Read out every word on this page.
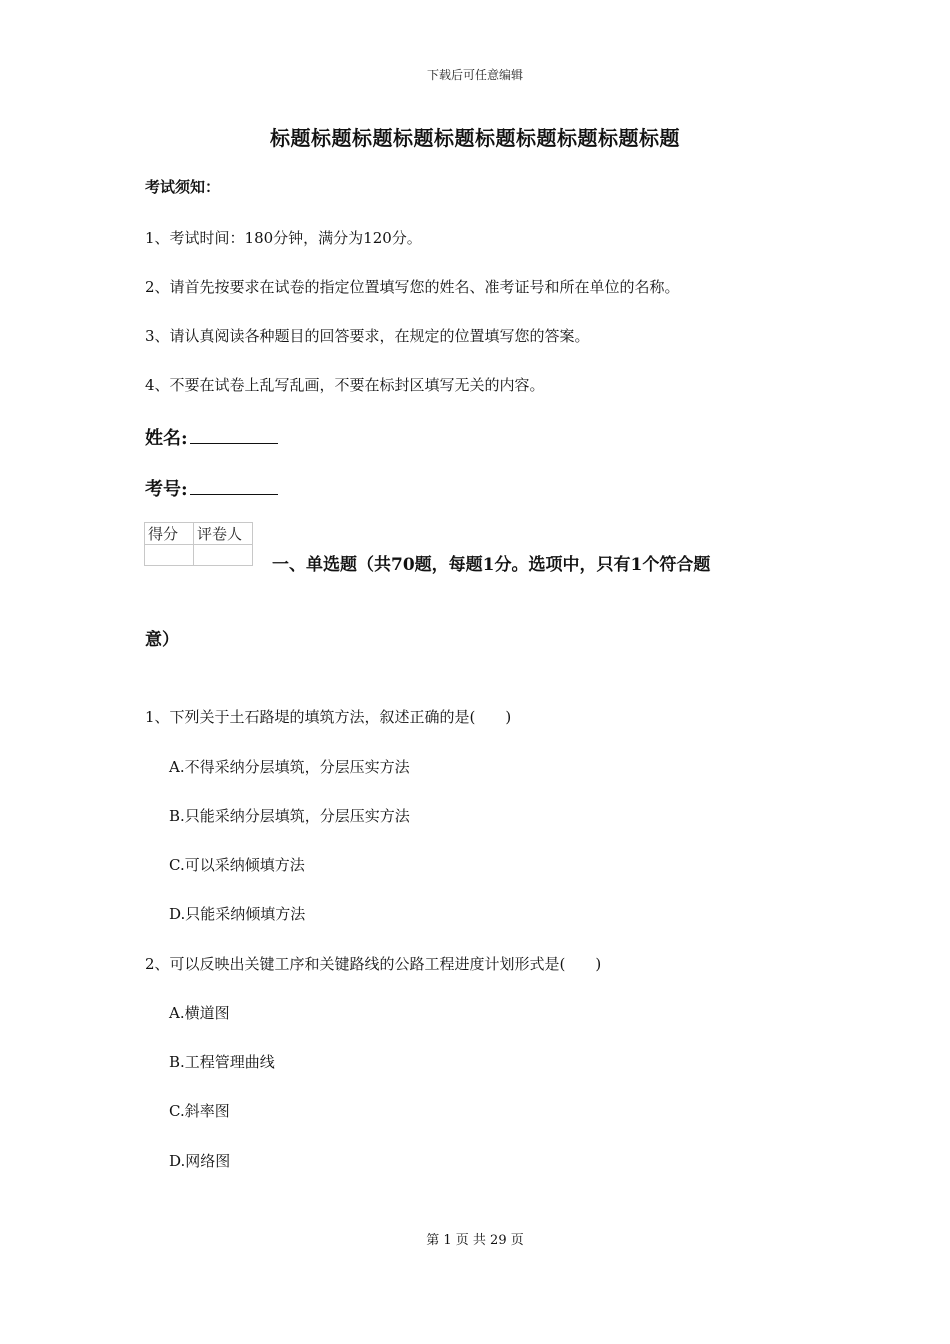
下载后可任意编辑
标题标题标题标题标题标题标题标题标题标题
考试须知：
1、考试时间：180分钟，满分为120分。
2、请首先按要求在试卷的指定位置填写您的姓名、准考证号和所在单位的名称。
3、请认真阅读各种题目的回答要求，在规定的位置填写您的答案。
4、不要在试卷上乱写乱画，不要在标封区填写无关的内容。
姓名:
考号:
得分	评卷人

一、单选题（共70题，每题1分。选项中，只有1个符合题
意）
1、下列关于土石路堤的填筑方法，叙述正确的是(　　)
A.不得采纳分层填筑，分层压实方法
B.只能采纳分层填筑，分层压实方法
C.可以采纳倾填方法
D.只能采纳倾填方法
2、可以反映出关键工序和关键路线的公路工程进度计划形式是(　　)
A.横道图
B.工程管理曲线
C.斜率图
D.网络图
第 1 页 共 29 页
